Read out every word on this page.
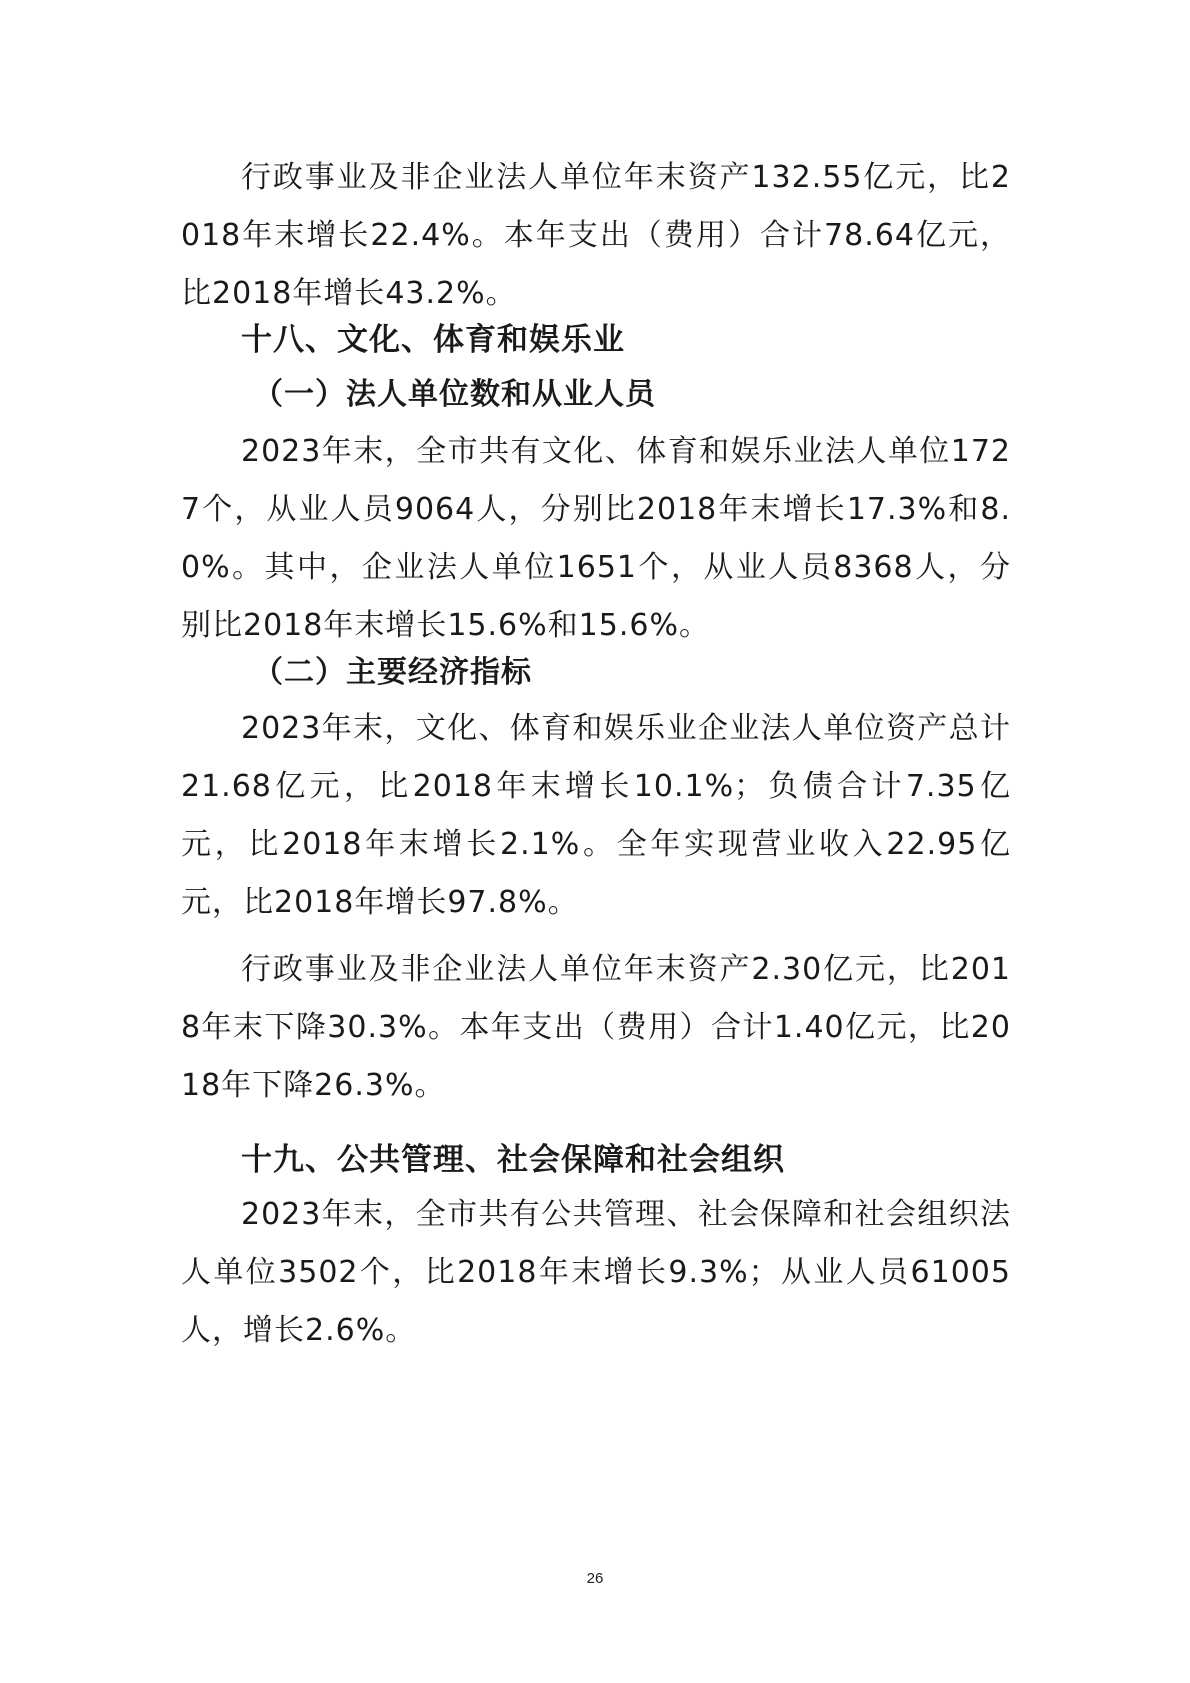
行政事业及非企业法人单位年末资产132.55亿元，比2018年末增长22.4%。本年支出（费用）合计78.64亿元，比2018年增长43.2%。

十八、文化、体育和娱乐业

（一）法人单位数和从业人员

2023年末，全市共有文化、体育和娱乐业法人单位1727个，从业人员9064人，分别比2018年末增长17.3%和8.0%。其中，企业法人单位1651个，从业人员8368人，分别比2018年末增长15.6%和15.6%。

（二）主要经济指标

2023年末，文化、体育和娱乐业企业法人单位资产总计21.68亿元，比2018年末增长10.1%；负债合计7.35亿元，比2018年末增长2.1%。全年实现营业收入22.95亿元，比2018年增长97.8%。

行政事业及非企业法人单位年末资产2.30亿元，比2018年末下降30.3%。本年支出（费用）合计1.40亿元，比2018年下降26.3%。

十九、公共管理、社会保障和社会组织

2023年末，全市共有公共管理、社会保障和社会组织法人单位3502个，比2018年末增长9.3%；从业人员61005人，增长2.6%。

26
